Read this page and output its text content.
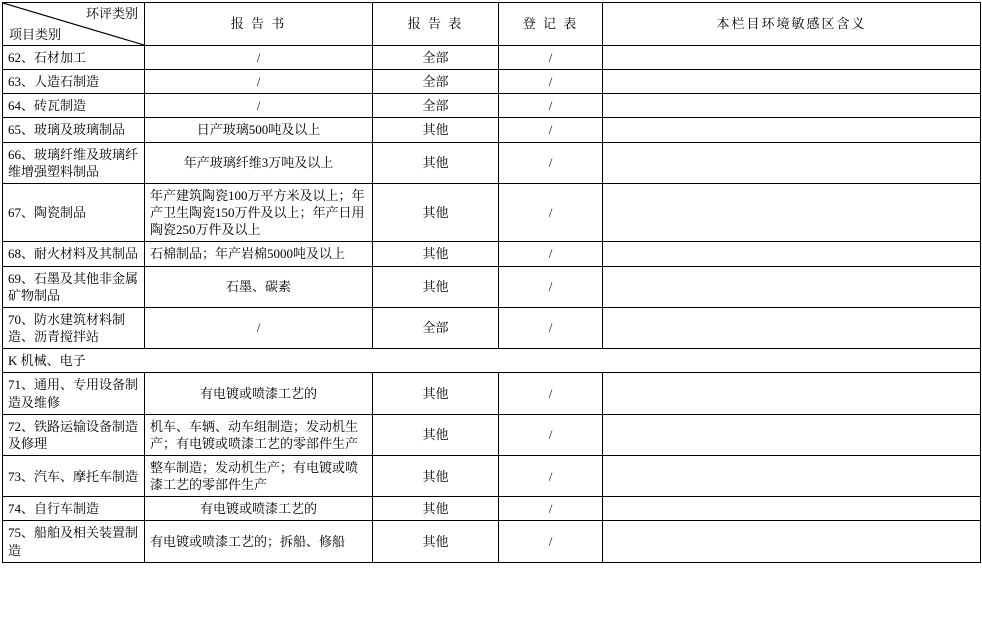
环评类别
项目类别	报 告 书	报 告 表	登 记 表	本栏目环境敏感区含义
62、石材加工	/	全部	/	
63、人造石制造	/	全部	/	
64、砖瓦制造	/	全部	/	
65、玻璃及玻璃制品	日产玻璃500吨及以上	其他	/	
66、玻璃纤维及玻璃纤维增强塑料制品	年产玻璃纤维3万吨及以上	其他	/	
67、陶瓷制品	年产建筑陶瓷100万平方米及以上；年产卫生陶瓷150万件及以上；年产日用陶瓷250万件及以上	其他	/	
68、耐火材料及其制品	石棉制品；年产岩棉5000吨及以上	其他	/	
69、石墨及其他非金属矿物制品	石墨、碳素	其他	/	
70、防水建筑材料制造、沥青搅拌站	/	全部	/	
K 机械、电子				
71、通用、专用设备制造及维修	有电镀或喷漆工艺的	其他	/	
72、铁路运输设备制造及修理	机车、车辆、动车组制造；发动机生产；有电镀或喷漆工艺的零部件生产	其他	/	
73、汽车、摩托车制造	整车制造；发动机生产；有电镀或喷漆工艺的零部件生产	其他	/	
74、自行车制造	有电镀或喷漆工艺的	其他	/	
75、船舶及相关装置制造	有电镀或喷漆工艺的；拆船、修船	其他	/	
